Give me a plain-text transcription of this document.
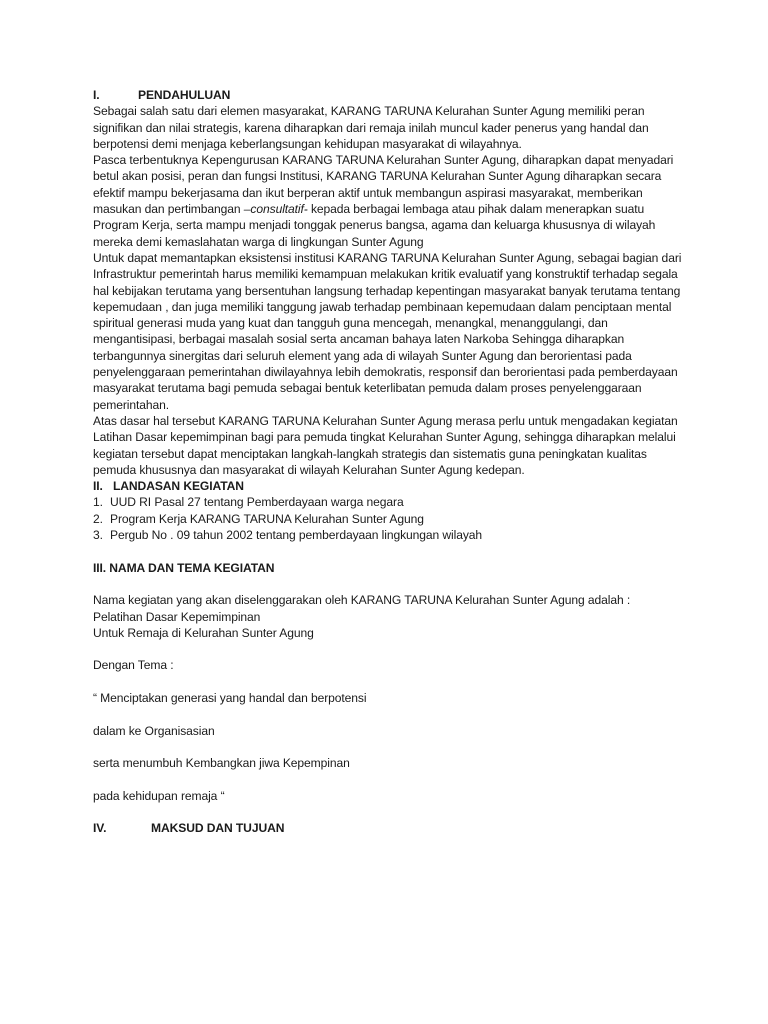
I.	PENDAHULUAN

Sebagai salah satu dari elemen masyarakat, KARANG TARUNA Kelurahan Sunter Agung memiliki peran signifikan dan nilai strategis, karena diharapkan dari remaja inilah muncul kader penerus yang handal dan berpotensi demi menjaga keberlangsungan kehidupan masyarakat di wilayahnya.

Pasca terbentuknya Kepengurusan KARANG TARUNA Kelurahan Sunter Agung, diharapkan dapat menyadari betul akan posisi, peran dan fungsi Institusi, KARANG TARUNA Kelurahan Sunter Agung diharapkan secara efektif mampu bekerjasama dan ikut berperan aktif untuk membangun aspirasi masyarakat, memberikan masukan dan pertimbangan –consultatif- kepada berbagai lembaga atau pihak dalam menerapkan suatu Program Kerja, serta mampu menjadi tonggak penerus bangsa, agama dan keluarga khususnya di wilayah mereka demi kemaslahatan warga di lingkungan Sunter Agung

Untuk dapat memantapkan eksistensi institusi KARANG TARUNA Kelurahan Sunter Agung, sebagai bagian dari Infrastruktur pemerintah harus memiliki kemampuan melakukan kritik evaluatif yang konstruktif terhadap segala hal kebijakan terutama yang bersentuhan langsung terhadap kepentingan masyarakat banyak terutama tentang kepemudaan , dan juga memiliki tanggung jawab terhadap pembinaan kepemudaan dalam penciptaan mental spiritual generasi muda yang kuat dan tangguh guna mencegah, menangkal, menanggulangi, dan mengantisipasi, berbagai masalah sosial serta ancaman bahaya laten Narkoba Sehingga diharapkan terbangunnya sinergitas dari seluruh element yang ada di wilayah Sunter Agung dan berorientasi pada penyelenggaraan pemerintahan diwilayahnya lebih demokratis, responsif dan berorientasi pada pemberdayaan masyarakat terutama bagi pemuda sebagai bentuk keterlibatan pemuda dalam proses penyelenggaraan pemerintahan.

Atas dasar hal tersebut KARANG TARUNA Kelurahan Sunter Agung merasa perlu untuk mengadakan kegiatan Latihan Dasar kepemimpinan bagi para pemuda tingkat Kelurahan Sunter Agung, sehingga diharapkan melalui kegiatan tersebut dapat menciptakan langkah-langkah strategis dan sistematis guna peningkatan kualitas pemuda khususnya dan masyarakat di wilayah Kelurahan Sunter Agung kedepan.

II. LANDASAN KEGIATAN

1. UUD RI Pasal 27 tentang Pemberdayaan warga negara

2. Program Kerja KARANG TARUNA Kelurahan Sunter Agung

3. Pergub No . 09 tahun 2002 tentang pemberdayaan lingkungan wilayah

III. NAMA DAN TEMA KEGIATAN

Nama kegiatan yang akan diselenggarakan oleh KARANG TARUNA Kelurahan Sunter Agung adalah :

Pelatihan Dasar Kepemimpinan

Untuk Remaja di Kelurahan Sunter Agung

Dengan Tema :

“ Menciptakan generasi yang handal dan berpotensi

dalam ke Organisasian

serta menumbuh Kembangkan jiwa Kepempinan

pada kehidupan remaja “

IV.	MAKSUD DAN TUJUAN
